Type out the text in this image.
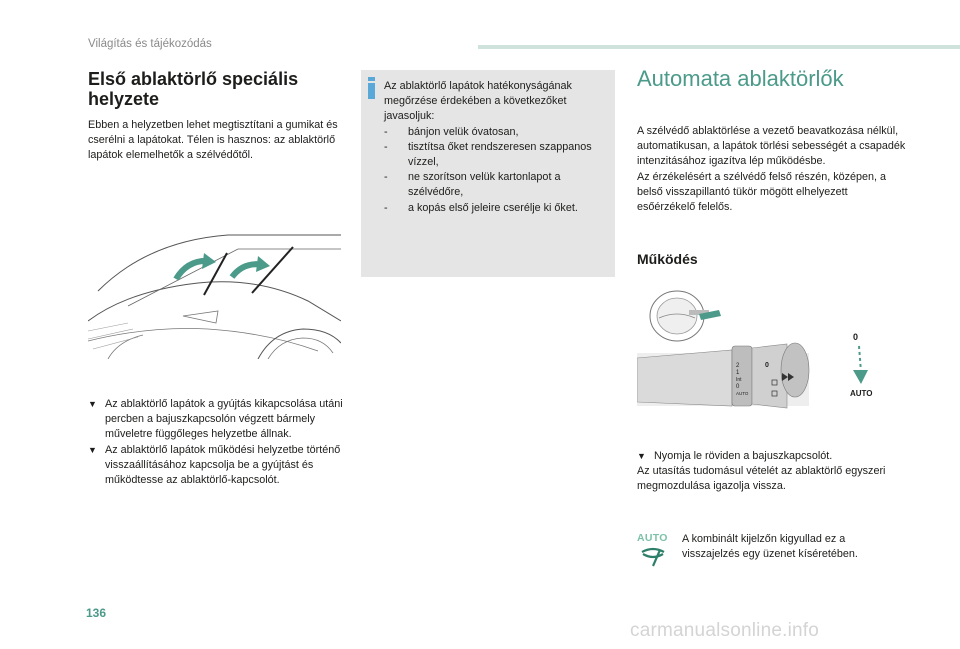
Világítás és tájékozódás
Első ablaktörlő speciális helyzete
Ebben a helyzetben lehet megtisztítani a gumikat és cserélni a lapátokat. Télen is hasznos: az ablaktörlő lapátok elemelhetők a szélvédőtől.
▼ Az ablaktörlő lapátok a gyújtás kikapcsolása utáni percben a bajuszkapcsolón végzett bármely műveletre függőleges helyzetbe állnak.
▼ Az ablaktörlő lapátok működési helyzetbe történő visszaállításához kapcsolja be a gyújtást és működtesse az ablaktörlő-kapcsolót.
Az ablaktörlő lapátok hatékonyságának megőrzése érdekében a következőket javasoljuk:
- bánjon velük óvatosan,
- tisztítsa őket rendszeresen szappanos vízzel,
- ne szorítson velük kartonlapot a szélvédőre,
- a kopás első jeleire cserélje ki őket.
Automata ablaktörlők
A szélvédő ablaktörlése a vezető beavatkozása nélkül, automatikusan, a lapátok törlési sebességét a csapadék intenzitásához igazítva lép működésbe.
Az érzékelésért a szélvédő felső részén, középen, a belső visszapillantó tükör mögött elhelyezett esőérzékelő felelős.
Működés
2
1
Int
0
AUTO
0
0
AUTO
▼ Nyomja le röviden a bajuszkapcsolót.
Az utasítás tudomásul vételét az ablaktörlő egyszeri megmozdulása igazolja vissza.
AUTO A kombinált kijelzőn kigyullad ez a visszajelzés egy üzenet kíséretében.
136
carmanualsonline.info
